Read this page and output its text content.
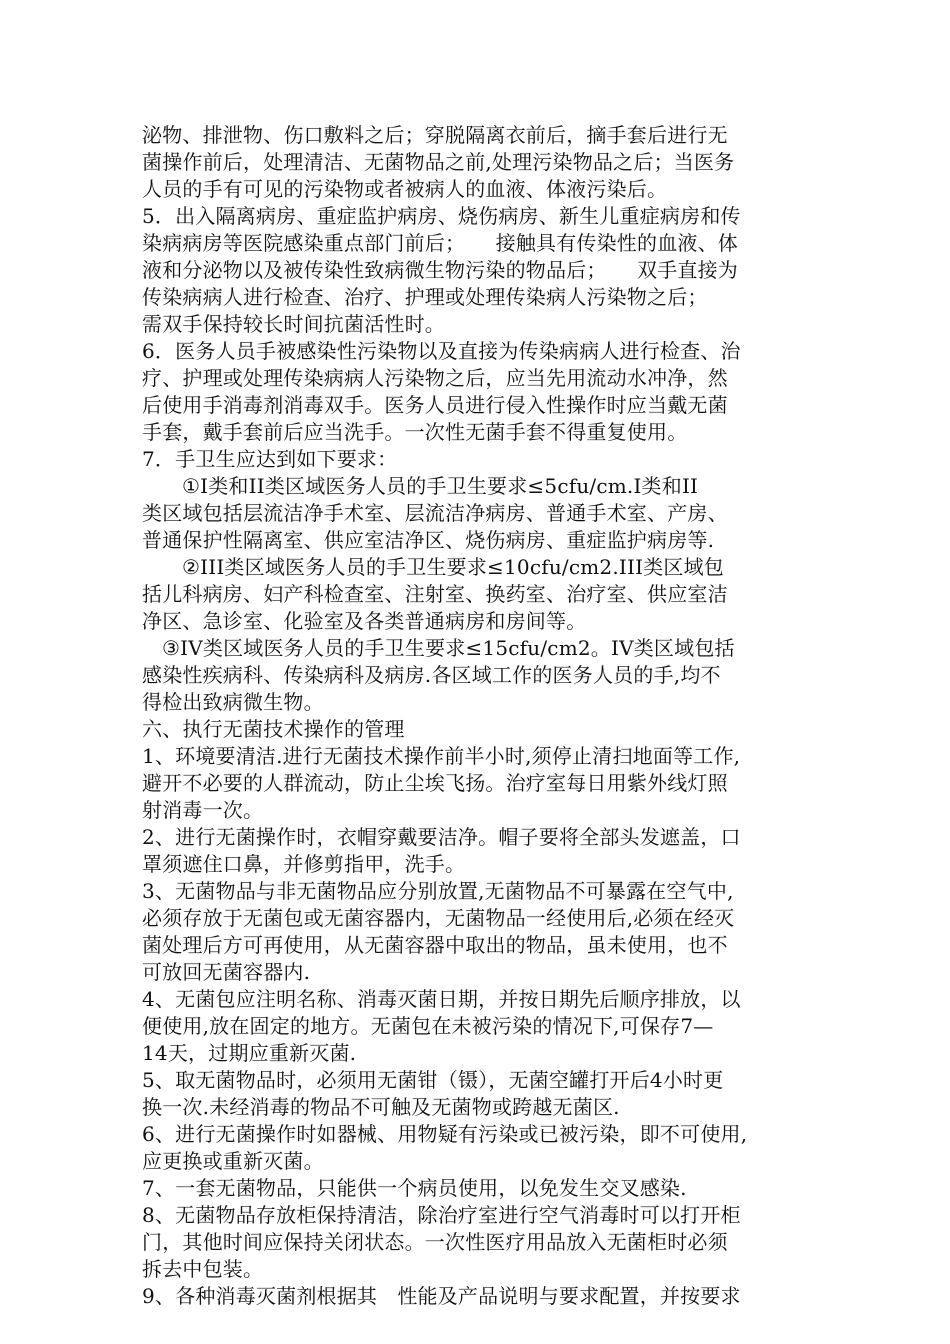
泌物、排泄物、伤口敷料之后；穿脱隔离衣前后，摘手套后进行无
菌操作前后，处理清洁、无菌物品之前,处理污染物品之后；当医务
人员的手有可见的污染物或者被病人的血液、体液污染后。
5．出入隔离病房、重症监护病房、烧伤病房、新生儿重症病房和传
染病病房等医院感染重点部门前后；　　接触具有传染性的血液、体
液和分泌物以及被传染性致病微生物污染的物品后；　　双手直接为
传染病病人进行检查、治疗、护理或处理传染病人污染物之后；
需双手保持较长时间抗菌活性时。
6．医务人员手被感染性污染物以及直接为传染病病人进行检查、治
疗、护理或处理传染病病人污染物之后，应当先用流动水冲净，然
后使用手消毒剂消毒双手。医务人员进行侵入性操作时应当戴无菌
手套，戴手套前后应当洗手。一次性无菌手套不得重复使用。
7．手卫生应达到如下要求：
①I类和II类区域医务人员的手卫生要求≤5cfu/cm.I类和II
类区域包括层流洁净手术室、层流洁净病房、普通手术室、产房、
普通保护性隔离室、供应室洁净区、烧伤病房、重症监护病房等.
②III类区域医务人员的手卫生要求≤10cfu/cm2.III类区域包
括儿科病房、妇产科检查室、注射室、换药室、治疗室、供应室洁
净区、急诊室、化验室及各类普通病房和房间等。
③IV类区域医务人员的手卫生要求≤15cfu/cm2。IV类区域包括
感染性疾病科、传染病科及病房.各区域工作的医务人员的手,均不
得检出致病微生物。
六、执行无菌技术操作的管理
1、环境要清洁.进行无菌技术操作前半小时,须停止清扫地面等工作,
避开不必要的人群流动，防止尘埃飞扬。治疗室每日用紫外线灯照
射消毒一次。
2、进行无菌操作时，衣帽穿戴要洁净。帽子要将全部头发遮盖，口
罩须遮住口鼻，并修剪指甲，洗手。
3、无菌物品与非无菌物品应分别放置,无菌物品不可暴露在空气中,
必须存放于无菌包或无菌容器内，无菌物品一经使用后,必须在经灭
菌处理后方可再使用，从无菌容器中取出的物品，虽未使用，也不
可放回无菌容器内.
4、无菌包应注明名称、消毒灭菌日期，并按日期先后顺序排放，以
便使用,放在固定的地方。无菌包在未被污染的情况下,可保存7—
14天，过期应重新灭菌.
5、取无菌物品时，必须用无菌钳（镊），无菌空罐打开后4小时更
换一次.未经消毒的物品不可触及无菌物或跨越无菌区.
6、进行无菌操作时如器械、用物疑有污染或已被污染，即不可使用,
应更换或重新灭菌。
7、一套无菌物品，只能供一个病员使用，以免发生交叉感染.
8、无菌物品存放柜保持清洁，除治疗室进行空气消毒时可以打开柜
门，其他时间应保持关闭状态。一次性医疗用品放入无菌柜时必须
拆去中包装。
9、各种消毒灭菌剂根据其　性能及产品说明与要求配置，并按要求
